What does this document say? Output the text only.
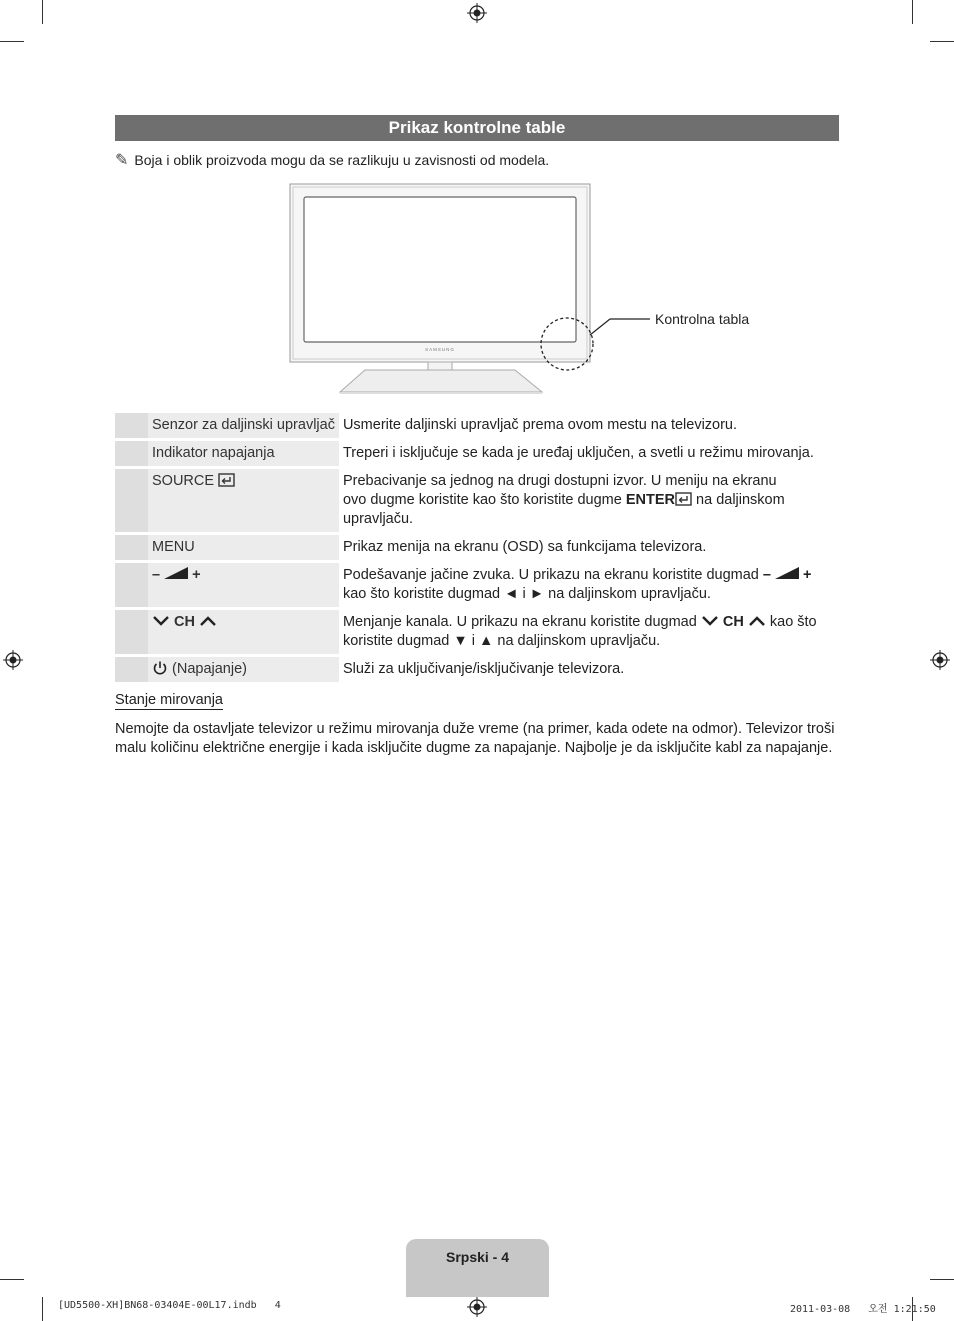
Prikaz kontrolne table
✎ Boja i oblik proizvoda mogu da se razlikuju u zavisnosti od modela.
SAMSUNG
Kontrolna tabla
	Senzor za daljinski upravljač	Usmerite daljinski upravljač prema ovom mestu na televizoru.
	Indikator napajanja	Treperi i isključuje se kada je uređaj uključen, a svetli u režimu mirovanja.
	SOURCE	Prebacivanje sa jednog na drugi dostupni izvor. U meniju na ekranu
ovo dugme koristite kao što koristite dugme ENTER na daljinskom
upravljaču.
	MENU	Prikaz menija na ekranu (OSD) sa funkcijama televizora.
	– +	Podešavanje jačine zvuka. U prikazu na ekranu koristite dugmad – +
kao što koristite dugmad ◄ i ► na daljinskom upravljaču.
	CH	Menjanje kanala. U prikazu na ekranu koristite dugmad CH kao što
koristite dugmad ▼ i ▲ na daljinskom upravljaču.
	(Napajanje)	Služi za uključivanje/isključivanje televizora.
Stanje mirovanja
Nemojte da ostavljate televizor u režimu mirovanja duže vreme (na primer, kada odete na odmor). Televizor troši malu količinu električne energije i kada isključite dugme za napajanje. Najbolje je da isključite kabl za napajanje.
Srpski - 4
[UD5500-XH]BN68-03404E-00L17.indb   4	2011-03-08   오전 1:21:50
